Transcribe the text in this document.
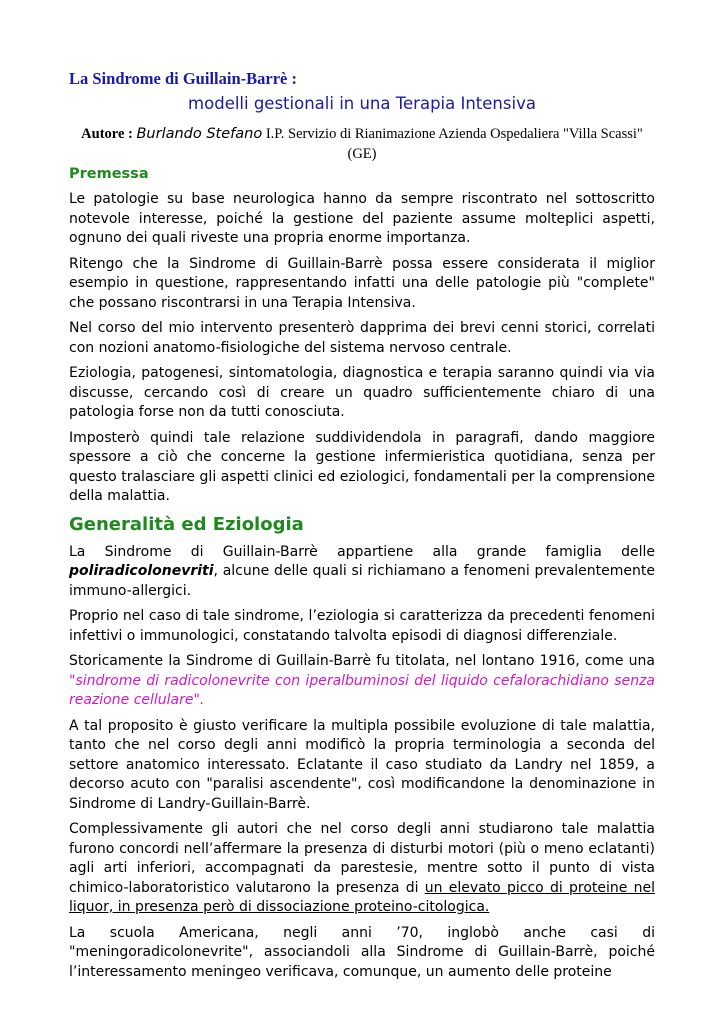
La Sindrome di Guillain-Barrè :
modelli gestionali in una Terapia Intensiva
Autore : Burlando Stefano I.P. Servizio di Rianimazione Azienda Ospedaliera "Villa Scassi" (GE)
Premessa

Le patologie su base neurologica hanno da sempre riscontrato nel sottoscritto notevole interesse, poiché la gestione del paziente assume molteplici aspetti, ognuno dei quali riveste una propria enorme importanza.

Ritengo che la Sindrome di Guillain-Barrè possa essere considerata il miglior esempio in questione, rappresentando infatti una delle patologie più "complete" che possano riscontrarsi in una Terapia Intensiva.

Nel corso del mio intervento presenterò dapprima dei brevi cenni storici, correlati con nozioni anatomo-fisiologiche del sistema nervoso centrale.

Eziologia, patogenesi, sintomatologia, diagnostica e terapia saranno quindi via via discusse, cercando così di creare un quadro sufficientemente chiaro di una patologia forse non da tutti conosciuta.

Imposterò quindi tale relazione suddividendola in paragrafi, dando maggiore spessore a ciò che concerne la gestione infermieristica quotidiana, senza per questo tralasciare gli aspetti clinici ed eziologici, fondamentali per la comprensione della malattia.

Generalità ed Eziologia

La Sindrome di Guillain-Barrè appartiene alla grande famiglia delle poliradicolonevriti, alcune delle quali si richiamano a fenomeni prevalentemente immuno-allergici.

Proprio nel caso di tale sindrome, l’eziologia si caratterizza da precedenti fenomeni infettivi o immunologici, constatando talvolta episodi di diagnosi differenziale.

Storicamente la Sindrome di Guillain-Barrè fu titolata, nel lontano 1916, come una "sindrome di radicolonevrite con iperalbuminosi del liquido cefalorachidiano senza reazione cellulare".

A tal proposito è giusto verificare la multipla possibile evoluzione di tale malattia, tanto che nel corso degli anni modificò la propria terminologia a seconda del settore anatomico interessato. Eclatante il caso studiato da Landry nel 1859, a decorso acuto con "paralisi ascendente", così modificandone la denominazione in Sindrome di Landry-Guillain-Barrè.

Complessivamente gli autori che nel corso degli anni studiarono tale malattia furono concordi nell’affermare la presenza di disturbi motori (più o meno eclatanti) agli arti inferiori, accompagnati da parestesie, mentre sotto il punto di vista chimico-laboratoristico valutarono la presenza di un elevato picco di proteine nel liquor, in presenza però di dissociazione proteino-citologica.

La scuola Americana, negli anni ’70, inglobò anche casi di "meningoradicolonevrite", associandoli alla Sindrome di Guillain-Barrè, poiché l’interessamento meningeo verificava, comunque, un aumento delle proteine
